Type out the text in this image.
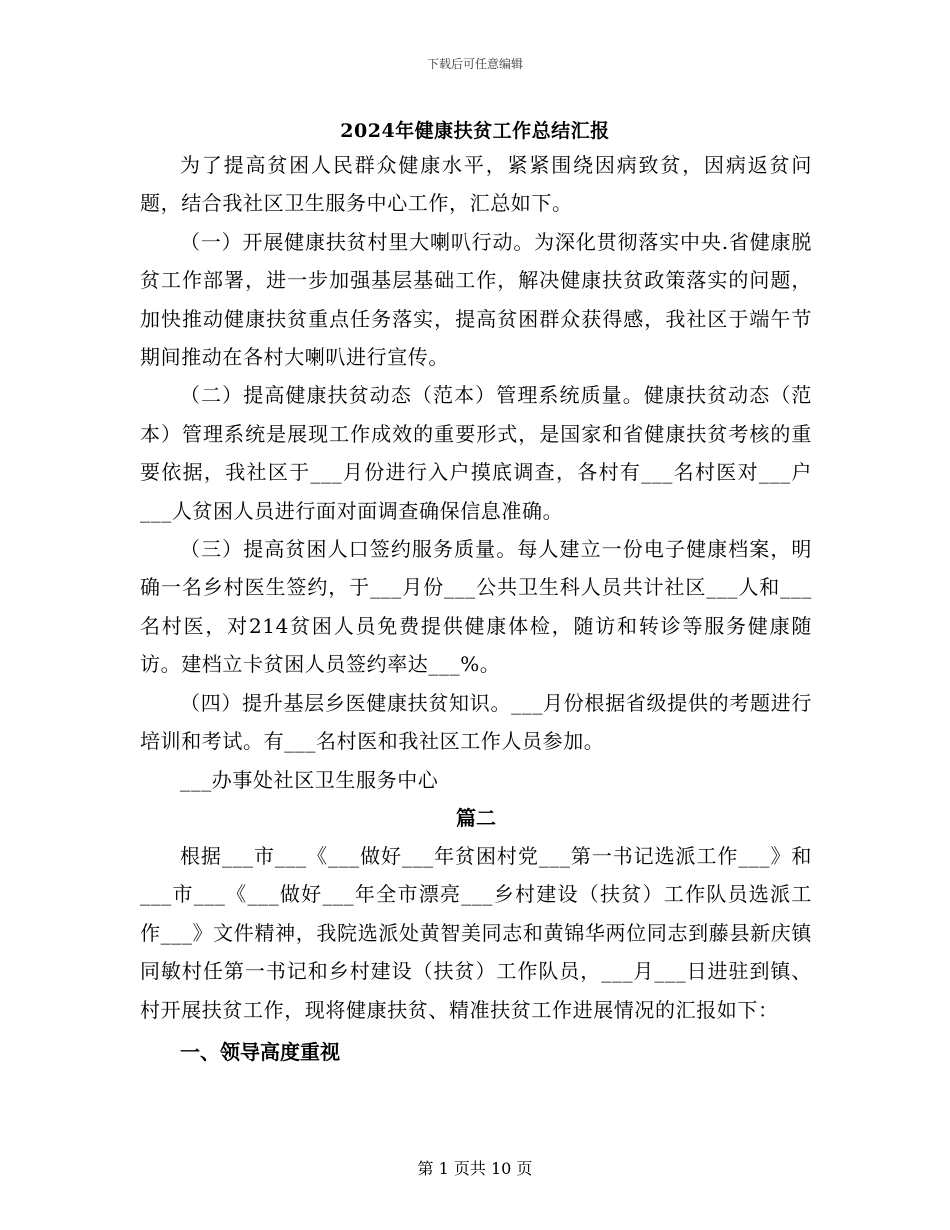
下载后可任意编辑
2024年健康扶贫工作总结汇报

为了提高贫困人民群众健康水平，紧紧围绕因病致贫，因病返贫问题，结合我社区卫生服务中心工作，汇总如下。

（一）开展健康扶贫村里大喇叭行动。为深化贯彻落实中央.省健康脱贫工作部署，进一步加强基层基础工作，解决健康扶贫政策落实的问题，加快推动健康扶贫重点任务落实，提高贫困群众获得感，我社区于端午节期间推动在各村大喇叭进行宣传。

（二）提高健康扶贫动态（范本）管理系统质量。健康扶贫动态（范本）管理系统是展现工作成效的重要形式，是国家和省健康扶贫考核的重要依据，我社区于___月份进行入户摸底调查，各村有___名村医对___户___人贫困人员进行面对面调查确保信息准确。

（三）提高贫困人口签约服务质量。每人建立一份电子健康档案，明确一名乡村医生签约，于___月份___公共卫生科人员共计社区___人和___名村医，对214贫困人员免费提供健康体检，随访和转诊等服务健康随访。建档立卡贫困人员签约率达___%。

（四）提升基层乡医健康扶贫知识。___月份根据省级提供的考题进行培训和考试。有___名村医和我社区工作人员参加。

___办事处社区卫生服务中心

篇二

根据___市___《___做好___年贫困村党___第一书记选派工作___》和___市___《___做好___年全市漂亮___乡村建设（扶贫）工作队员选派工作___》文件精神，我院选派处黄智美同志和黄锦华两位同志到藤县新庆镇同敏村任第一书记和乡村建设（扶贫）工作队员，___月___日进驻到镇、村开展扶贫工作，现将健康扶贫、精准扶贫工作进展情况的汇报如下：

一、领导高度重视

第 1 页共 10 页
